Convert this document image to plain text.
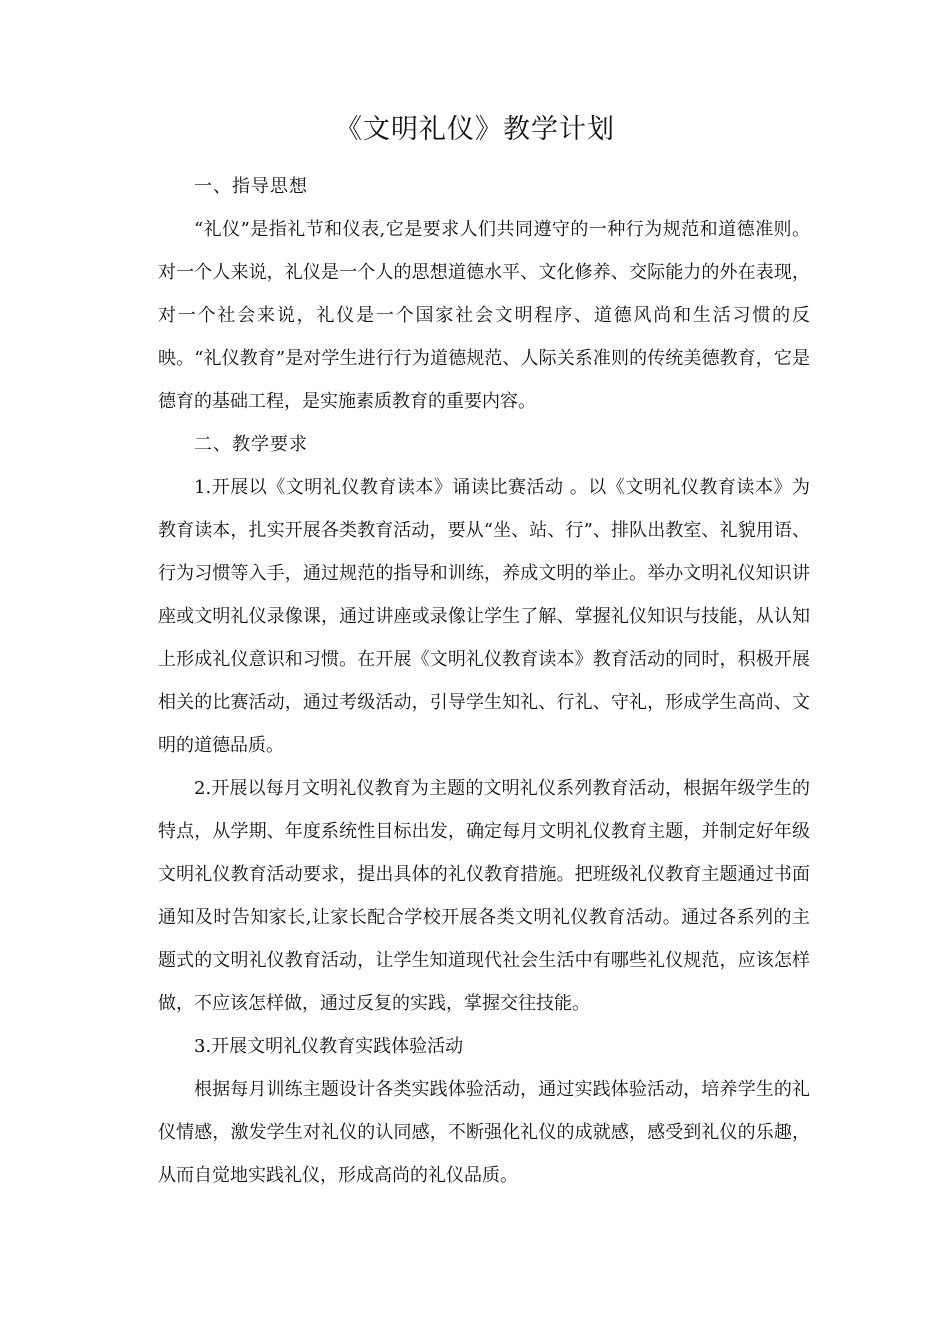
《文明礼仪》教学计划

一、指导思想

“礼仪”是指礼节和仪表,它是要求人们共同遵守的一种行为规范和道德准则。对一个人来说，礼仪是一个人的思想道德水平、文化修养、交际能力的外在表现，对一个社会来说，礼仪是一个国家社会文明程序、道德风尚和生活习惯的反映。“礼仪教育”是对学生进行行为道德规范、人际关系准则的传统美德教育，它是德育的基础工程，是实施素质教育的重要内容。

二、教学要求

1.开展以《文明礼仪教育读本》诵读比赛活动 。以《文明礼仪教育读本》为教育读本，扎实开展各类教育活动，要从“坐、站、行”、排队出教室、礼貌用语、行为习惯等入手，通过规范的指导和训练，养成文明的举止。举办文明礼仪知识讲座或文明礼仪录像课，通过讲座或录像让学生了解、掌握礼仪知识与技能，从认知上形成礼仪意识和习惯。在开展《文明礼仪教育读本》教育活动的同时，积极开展相关的比赛活动，通过考级活动，引导学生知礼、行礼、守礼，形成学生高尚、文明的道德品质。

2.开展以每月文明礼仪教育为主题的文明礼仪系列教育活动，根据年级学生的特点，从学期、年度系统性目标出发，确定每月文明礼仪教育主题，并制定好年级文明礼仪教育活动要求，提出具体的礼仪教育措施。把班级礼仪教育主题通过书面通知及时告知家长,让家长配合学校开展各类文明礼仪教育活动。通过各系列的主题式的文明礼仪教育活动，让学生知道现代社会生活中有哪些礼仪规范，应该怎样做，不应该怎样做，通过反复的实践，掌握交往技能。

3.开展文明礼仪教育实践体验活动

根据每月训练主题设计各类实践体验活动，通过实践体验活动，培养学生的礼仪情感，激发学生对礼仪的认同感，不断强化礼仪的成就感，感受到礼仪的乐趣，从而自觉地实践礼仪，形成高尚的礼仪品质。
